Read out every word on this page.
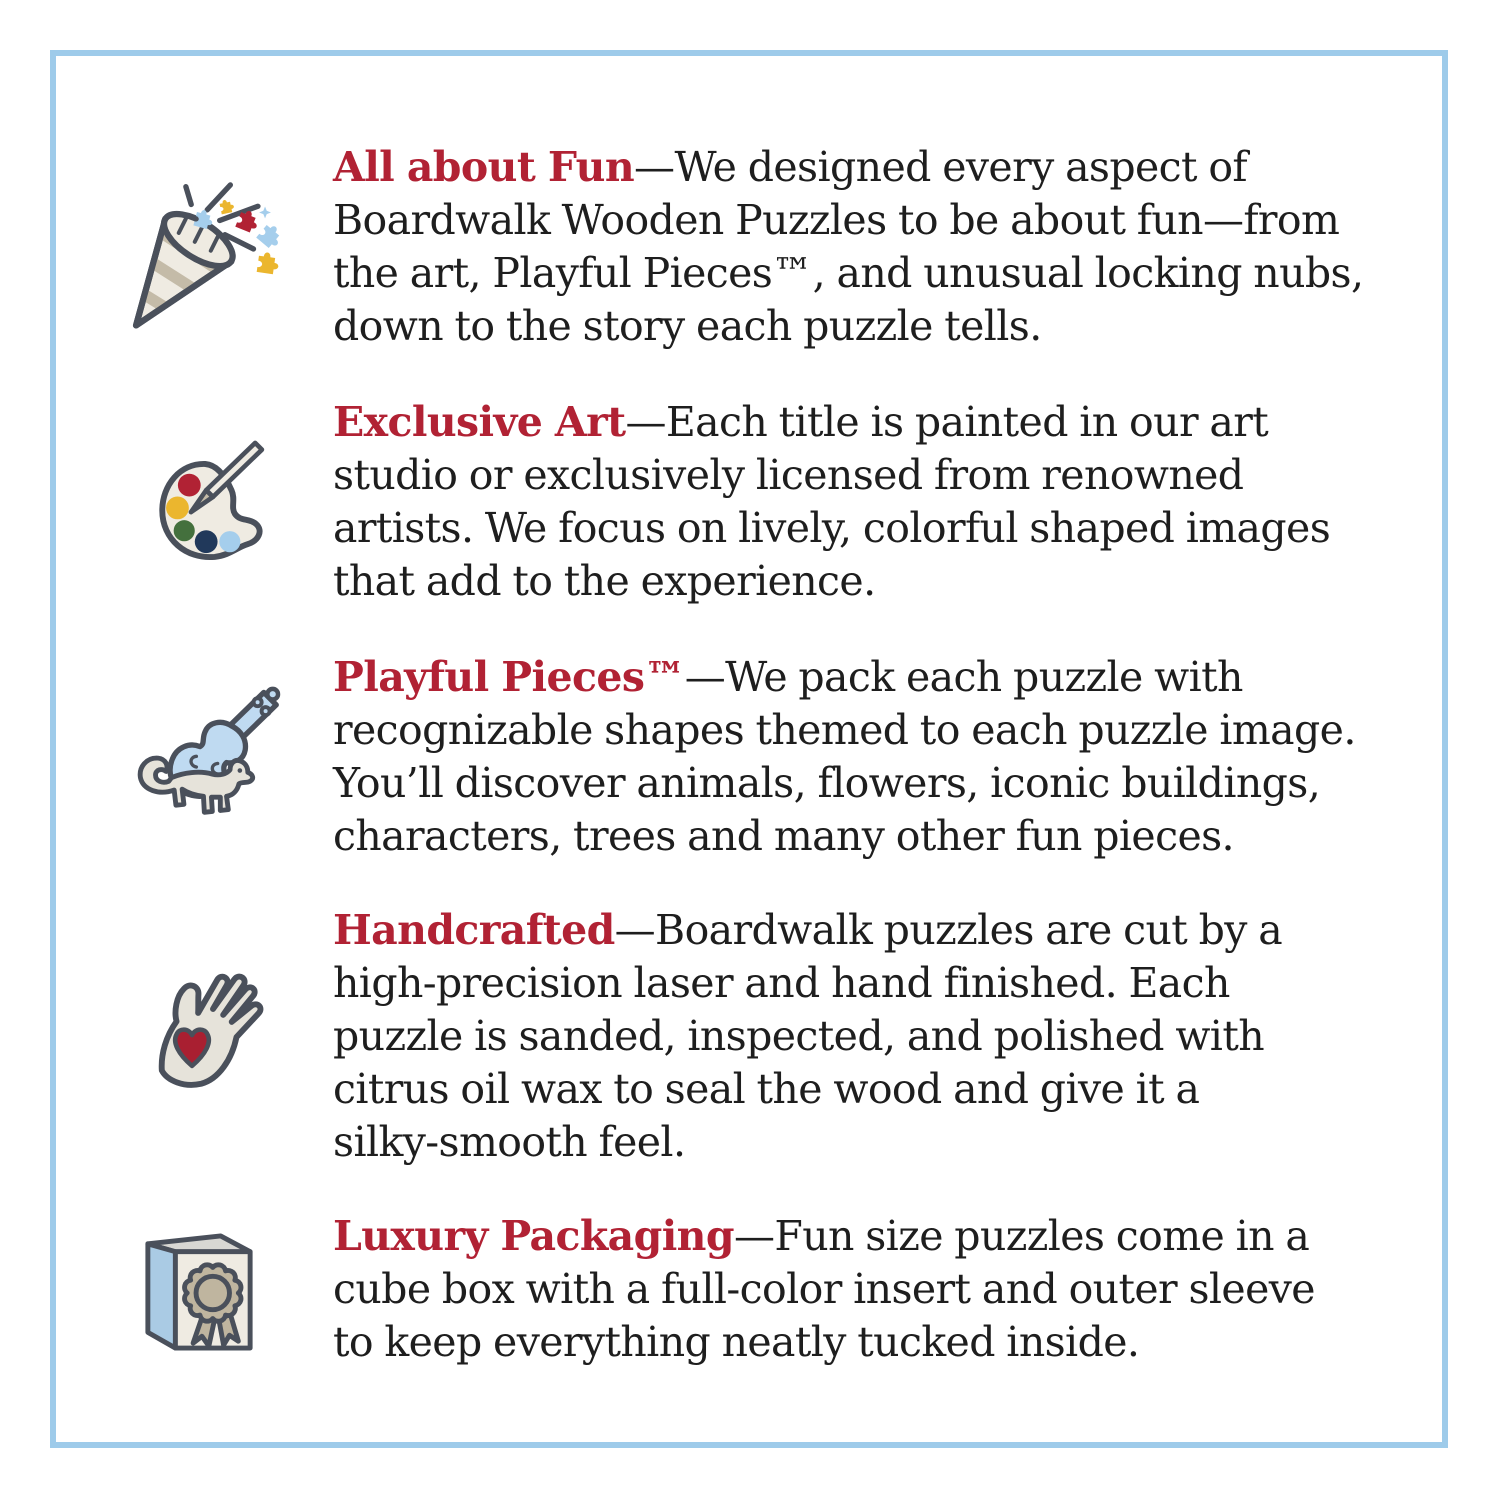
All about Fun—We designed every aspect of
Boardwalk Wooden Puzzles to be about fun—from
the art, Playful Pieces™, and unusual locking nubs,
down to the story each puzzle tells.
Exclusive Art—Each title is painted in our art
studio or exclusively licensed from renowned
artists. We focus on lively, colorful shaped images
that add to the experience.
Playful Pieces™—We pack each puzzle with
recognizable shapes themed to each puzzle image.
You’ll discover animals, flowers, iconic buildings,
characters, trees and many other fun pieces.
Handcrafted—Boardwalk puzzles are cut by a
high-precision laser and hand finished. Each
puzzle is sanded, inspected, and polished with
citrus oil wax to seal the wood and give it a
silky-smooth feel.
Luxury Packaging—Fun size puzzles come in a
cube box with a full-color insert and outer sleeve
to keep everything neatly tucked inside.
